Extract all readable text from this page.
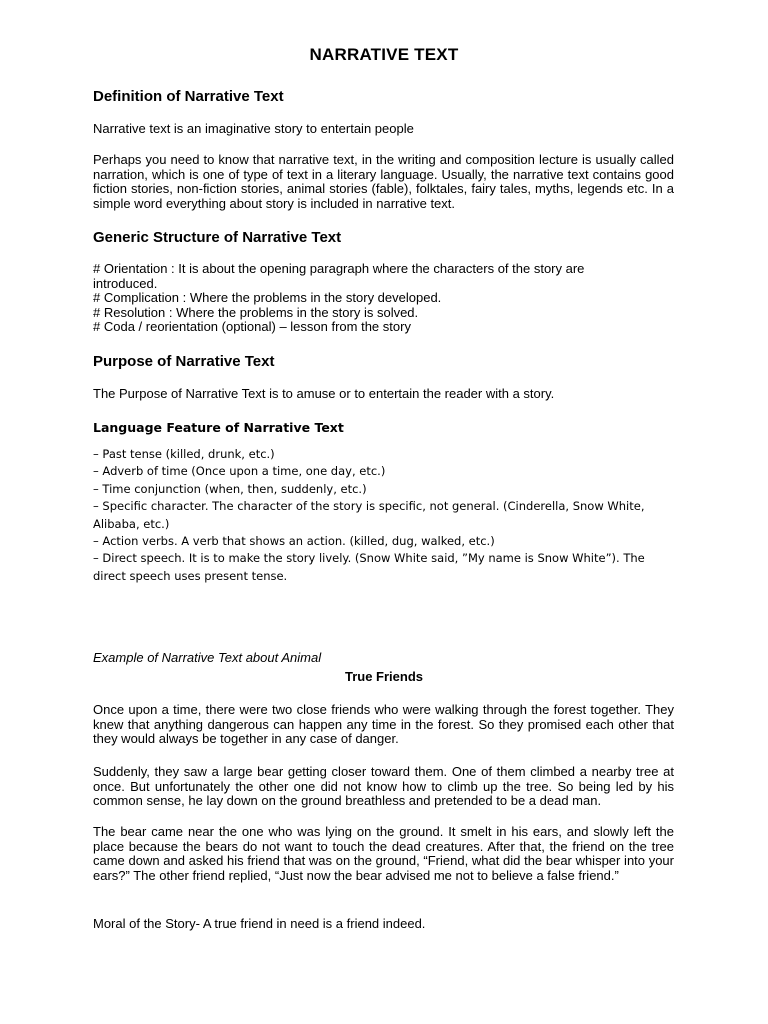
NARRATIVE TEXT
Definition of Narrative Text
Narrative text is an imaginative story to entertain people
Perhaps you need to know that narrative text, in the writing and composition lecture is usually called narration, which is one of type of text in a literary language. Usually, the narrative text contains good fiction stories, non-fiction stories, animal stories (fable), folktales, fairy tales, myths, legends etc. In a simple word everything about story is included in narrative text.
Generic Structure of Narrative Text
# Orientation : It is about the opening paragraph where the characters of the story are introduced.
# Complication : Where the problems in the story developed.
# Resolution : Where the problems in the story is solved.
# Coda / reorientation (optional) – lesson from the story
Purpose of Narrative Text
The Purpose of Narrative Text is to amuse or to entertain the reader with a story.
Language Feature of Narrative Text
– Past tense (killed, drunk, etc.)
– Adverb of time (Once upon a time, one day, etc.)
– Time conjunction (when, then, suddenly, etc.)
– Specific character. The character of the story is specific, not general. (Cinderella, Snow White, Alibaba, etc.)
– Action verbs. A verb that shows an action. (killed, dug, walked, etc.)
– Direct speech. It is to make the story lively. (Snow White said, ”My name is Snow White”). The direct speech uses present tense.
Example of Narrative Text about Animal
True Friends
Once upon a time, there were two close friends who were walking through the forest together. They knew that anything dangerous can happen any time in the forest. So they promised each other that they would always be together in any case of danger.
Suddenly, they saw a large bear getting closer toward them. One of them climbed a nearby tree at once. But unfortunately the other one did not know how to climb up the tree. So being led by his common sense, he lay down on the ground breathless and pretended to be a dead man.
The bear came near the one who was lying on the ground. It smelt in his ears, and slowly left the place because the bears do not want to touch the dead creatures. After that, the friend on the tree came down and asked his friend that was on the ground, “Friend, what did the bear whisper into your ears?” The other friend replied, “Just now the bear advised me not to believe a false friend.”
Moral of the Story- A true friend in need is a friend indeed.
